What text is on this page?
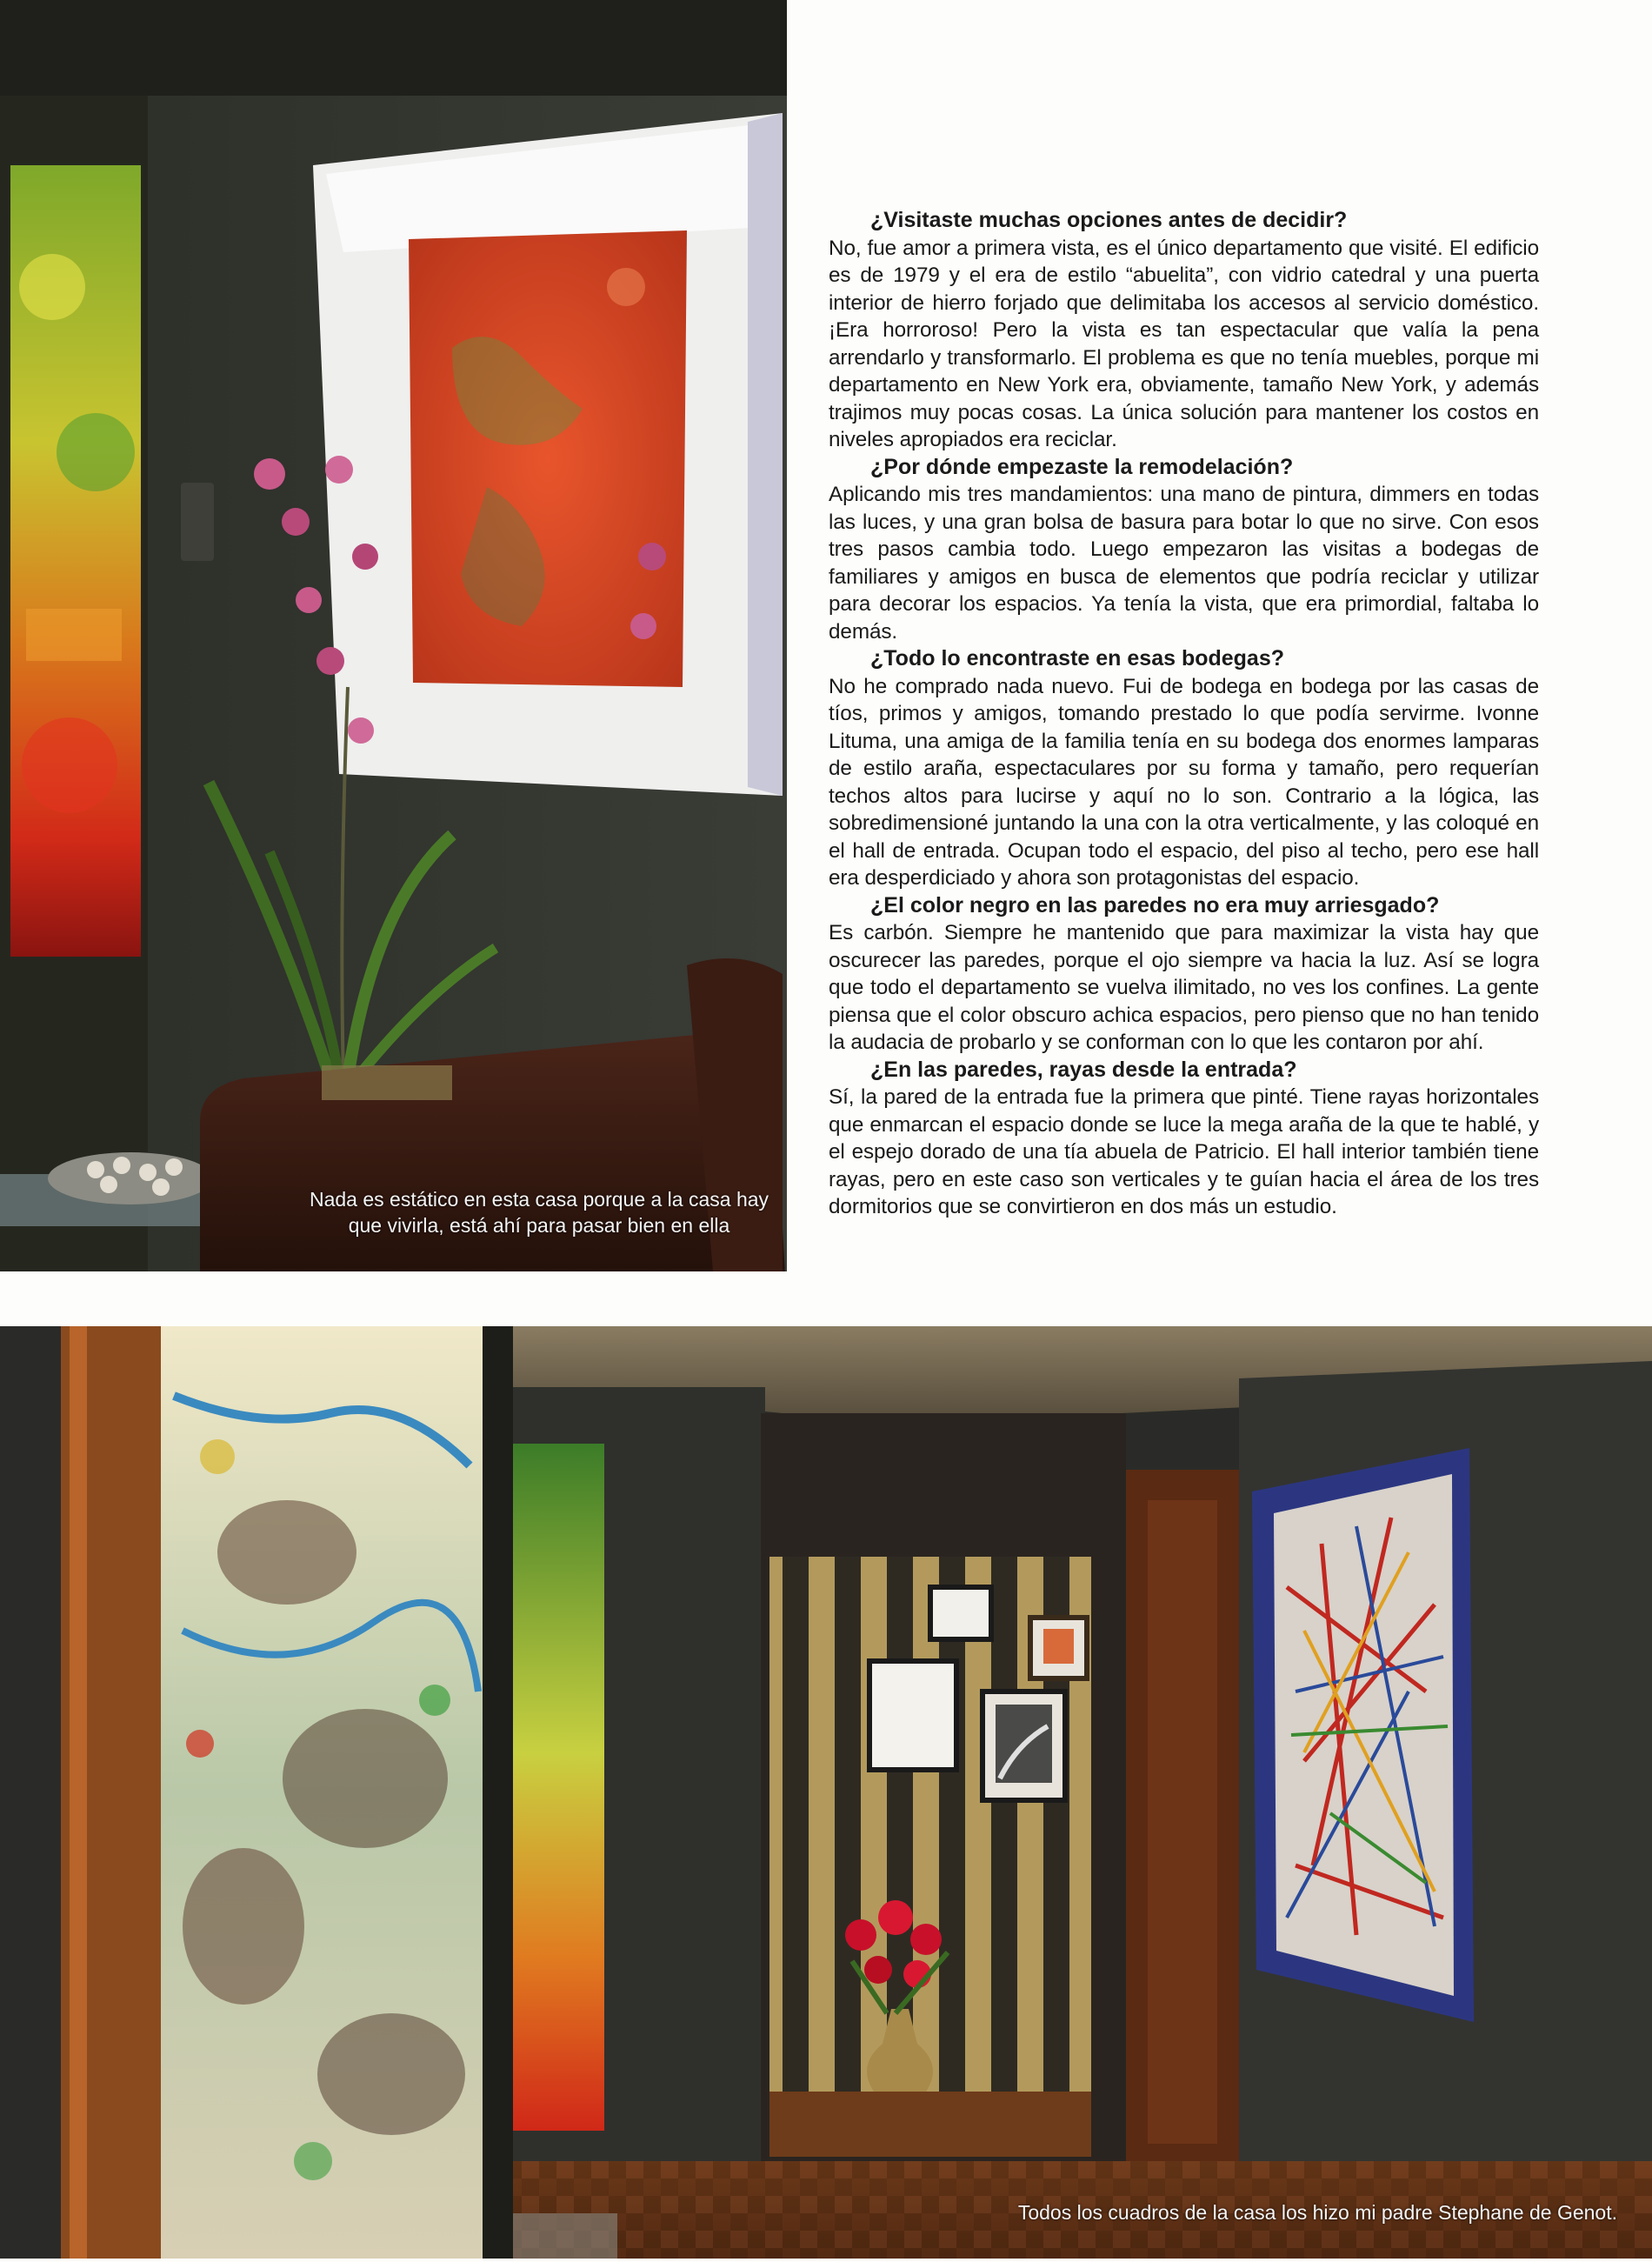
Nada es estático en esta casa porque a la casa hay que vivirla, está ahí para pasar bien en ella

¿Visitaste muchas opciones antes de decidir?

No, fue amor a primera vista, es el único departamento que visité. El edificio es de 1979 y el era de estilo “abuelita”, con vidrio catedral y una puerta interior de hierro forjado que delimitaba los accesos al servicio doméstico. ¡Era horroroso! Pero la vista es tan espectacular que valía la pena arrendarlo y transformarlo. El problema es que no tenía muebles, porque mi departamento en New York era, obviamente, tamaño New York, y además trajimos muy pocas cosas. La única solución para mantener los costos en niveles apropiados era reciclar.

¿Por dónde empezaste la remodelación?

Aplicando mis tres mandamientos: una mano de pintura, dimmers en todas las luces, y una gran bolsa de basura para botar lo que no sirve. Con esos tres pasos cambia todo. Luego empezaron las visitas a bodegas de familiares y amigos en busca de elementos que podría reciclar y utilizar para decorar los espacios. Ya tenía la vista, que era primordial, faltaba lo demás.

¿Todo lo encontraste en esas bodegas?

No he comprado nada nuevo. Fui de bodega en bodega por las casas de tíos, primos y amigos, tomando prestado lo que podía servirme. Ivonne Lituma, una amiga de la familia tenía en su bodega dos enormes lamparas de estilo araña, espectaculares por su forma y tamaño, pero requerían techos altos para lucirse y aquí no lo son. Contrario a la lógica, las sobredimensioné juntando la una con la otra verticalmente, y las coloqué en el hall de entrada. Ocupan todo el espacio, del piso al techo, pero ese hall era desperdiciado y ahora son protagonistas del espacio.

¿El color negro en las paredes no era muy arriesgado?

Es carbón. Siempre he mantenido que para maximizar la vista hay que oscurecer las paredes, porque el ojo siempre va hacia la luz. Así se logra que todo el departamento se vuelva ilimitado, no ves los confines. La gente piensa que el color obscuro achica espacios, pero pienso que no han tenido la audacia de probarlo y se conforman con lo que les contaron por ahí.

¿En las paredes, rayas desde la entrada?

Sí, la pared de la entrada fue la primera que pinté. Tiene rayas horizontales que enmarcan el espacio donde se luce la mega araña de la que te hablé, y el espejo dorado de una tía abuela de Patricio. El hall interior también tiene rayas, pero en este caso son verticales y te guían hacia el área de los tres dormitorios que se convirtieron en dos más un estudio.

Todos los cuadros de la casa los hizo mi padre Stephane de Genot.
